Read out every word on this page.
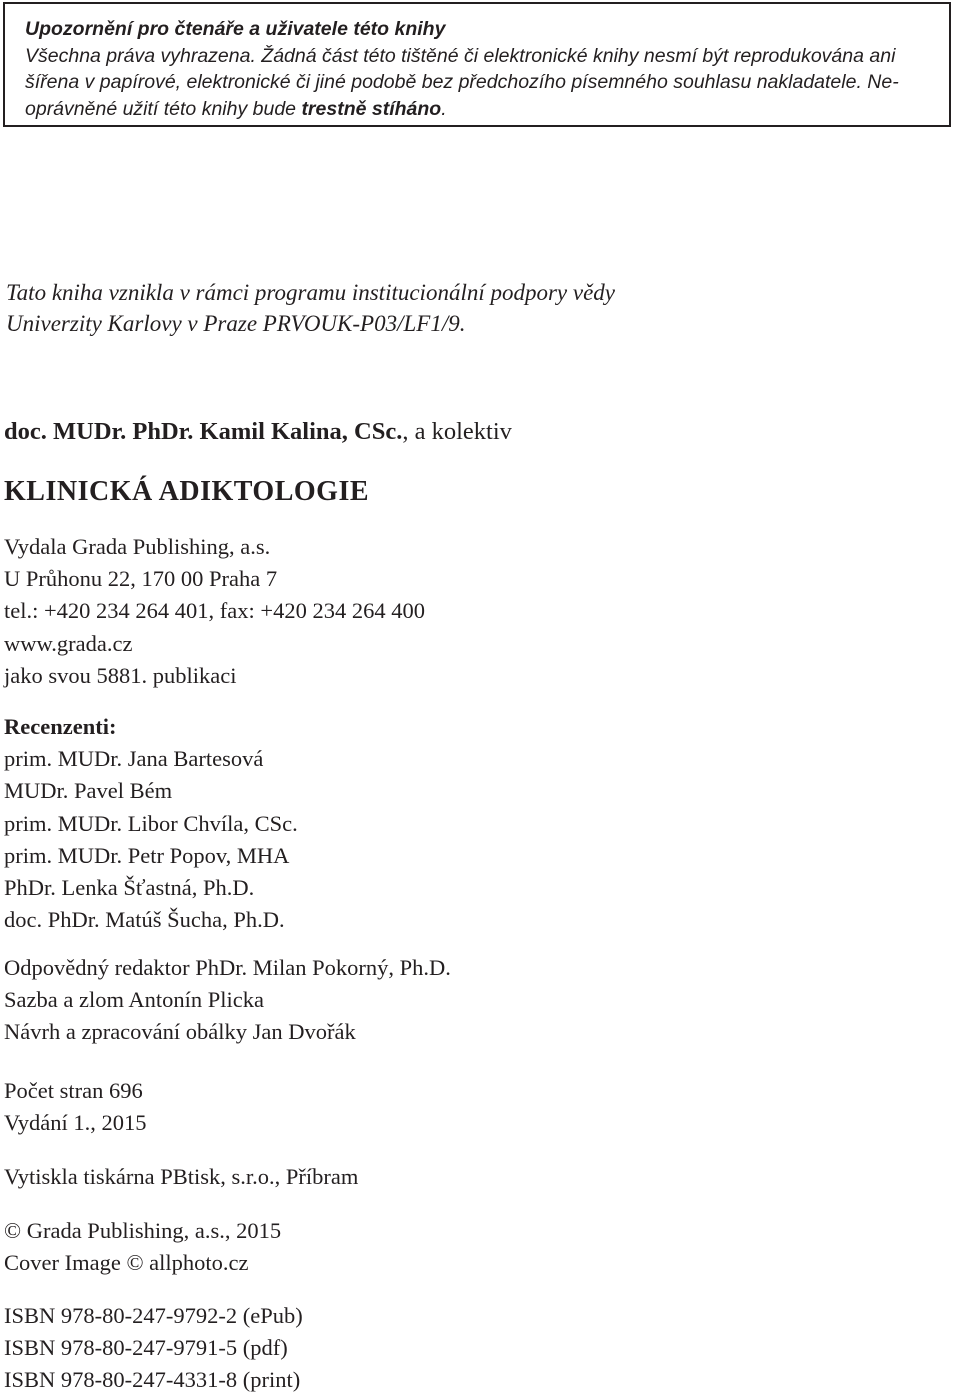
Upozornění pro čtenáře a uživatele této knihy
Všechna práva vyhrazena. Žádná část této tištěné či elektronické knihy nesmí být reprodukována ani
šířena v papírové, elektronické či jiné podobě bez předchozího písemného souhlasu nakladatele. Ne-
oprávněné užití této knihy bude trestně stíháno.
Tato kniha vznikla v rámci programu institucionální podpory vědy
Univerzity Karlovy v Praze PRVOUK-P03/LF1/9.
doc. MUDr. PhDr. Kamil Kalina, CSc., a kolektiv
KLINICKÁ ADIKTOLOGIE
Vydala Grada Publishing, a.s.
U Průhonu 22, 170 00 Praha 7
tel.: +420 234 264 401, fax: +420 234 264 400
www.grada.cz
jako svou 5881. publikaci
Recenzenti:
prim. MUDr. Jana Bartesová
MUDr. Pavel Bém
prim. MUDr. Libor Chvíla, CSc.
prim. MUDr. Petr Popov, MHA
PhDr. Lenka Šťastná, Ph.D.
doc. PhDr. Matúš Šucha, Ph.D.
Odpovědný redaktor PhDr. Milan Pokorný, Ph.D.
Sazba a zlom Antonín Plicka
Návrh a zpracování obálky Jan Dvořák
Počet stran 696
Vydání 1., 2015
Vytiskla tiskárna PBtisk, s.r.o., Příbram
© Grada Publishing, a.s., 2015
Cover Image © allphoto.cz
ISBN 978-80-247-9792-2 (ePub)
ISBN 978-80-247-9791-5 (pdf)
ISBN 978-80-247-4331-8 (print)
